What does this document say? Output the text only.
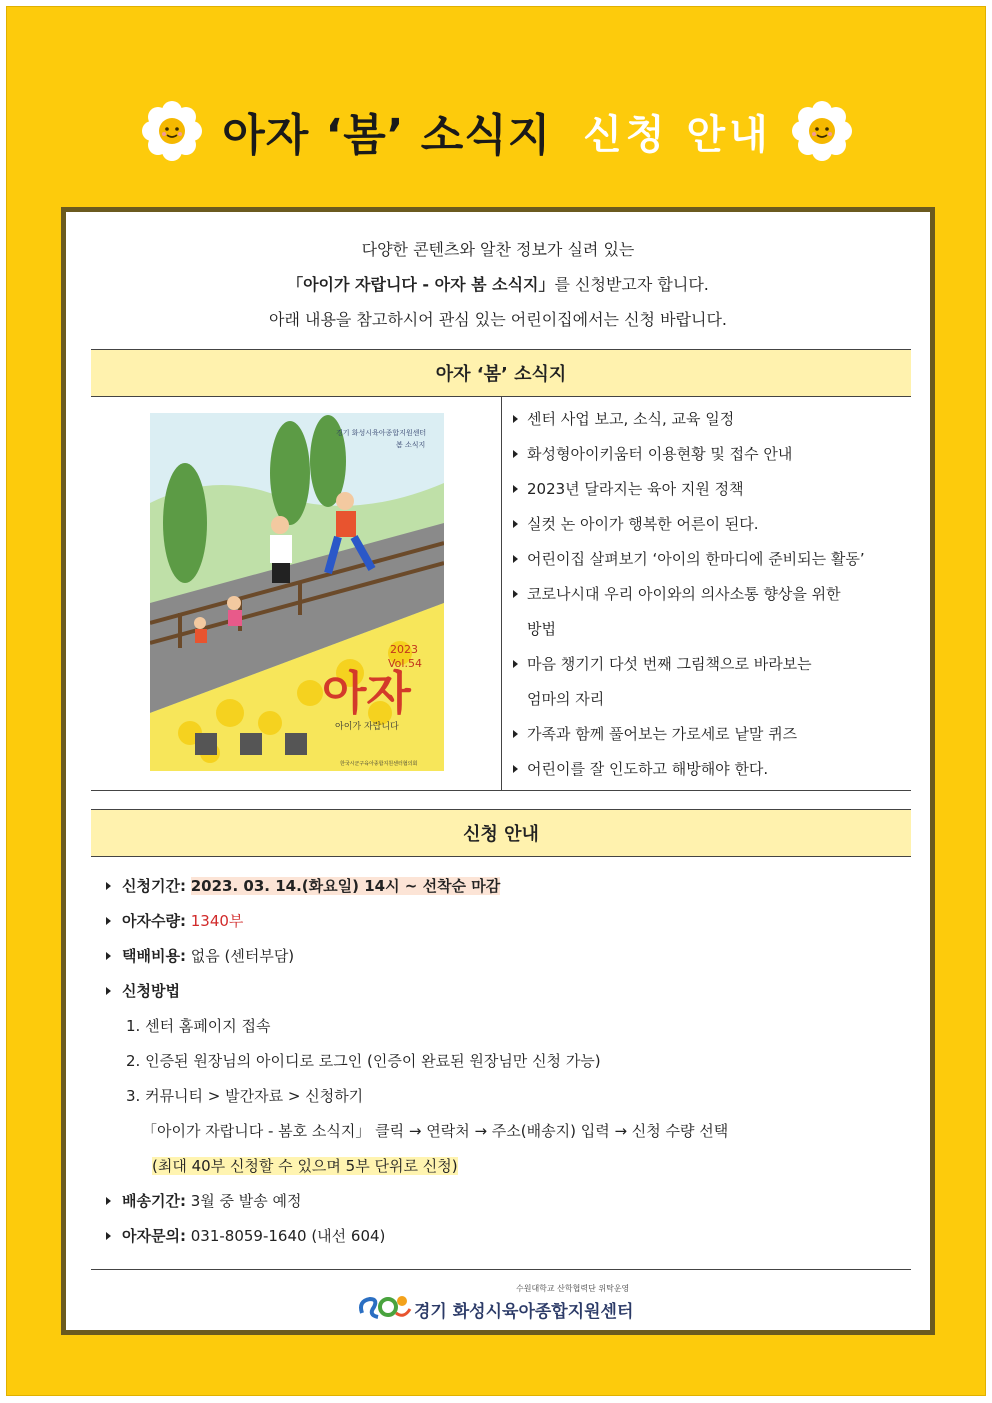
아자 ‘봄’ 소식지 신청 안내
다양한 콘텐츠와 알찬 정보가 실려 있는
「아이가 자랍니다 - 아자 봄 소식지」를 신청받고자 합니다.
아래 내용을 참고하시어 관심 있는 어린이집에서는 신청 바랍니다.
아자 ‘봄’ 소식지
2023
Vol.54
아자
아이가 자랍니다
경기 화성시육아종합지원센터
봄 소식지
한국시군구육아종합지원센터협의회
센터 사업 보고, 소식, 교육 일정
화성형아이키움터 이용현황 및 접수 안내
2023년 달라지는 육아 지원 정책
실컷 논 아이가 행복한 어른이 된다.
어린이집 살펴보기 ‘아이의 한마디에 준비되는 활동’
코로나시대 우리 아이와의 의사소통 향상을 위한
방법
마음 챙기기 다섯 번째 그림책으로 바라보는
엄마의 자리
가족과 함께 풀어보는 가로세로 낱말 퀴즈
어린이를 잘 인도하고 해방해야 한다.
신청 안내
신청기간: 2023. 03. 14.(화요일) 14시 ~ 선착순 마감
아자수량: 1340부
택배비용: 없음 (센터부담)
신청방법
1. 센터 홈페이지 접속
2. 인증된 원장님의 아이디로 로그인 (인증이 완료된 원장님만 신청 가능)
3. 커뮤니티 > 발간자료 > 신청하기
「아이가 자랍니다 - 봄호 소식지」 클릭 → 연락처 → 주소(배송지) 입력 → 신청 수량 선택
(최대 40부 신청할 수 있으며 5부 단위로 신청)
배송기간: 3월 중 발송 예정
아자문의: 031-8059-1640 (내선 604)
수원대학교 산학협력단 위탁운영
경기 화성시육아종합지원센터
